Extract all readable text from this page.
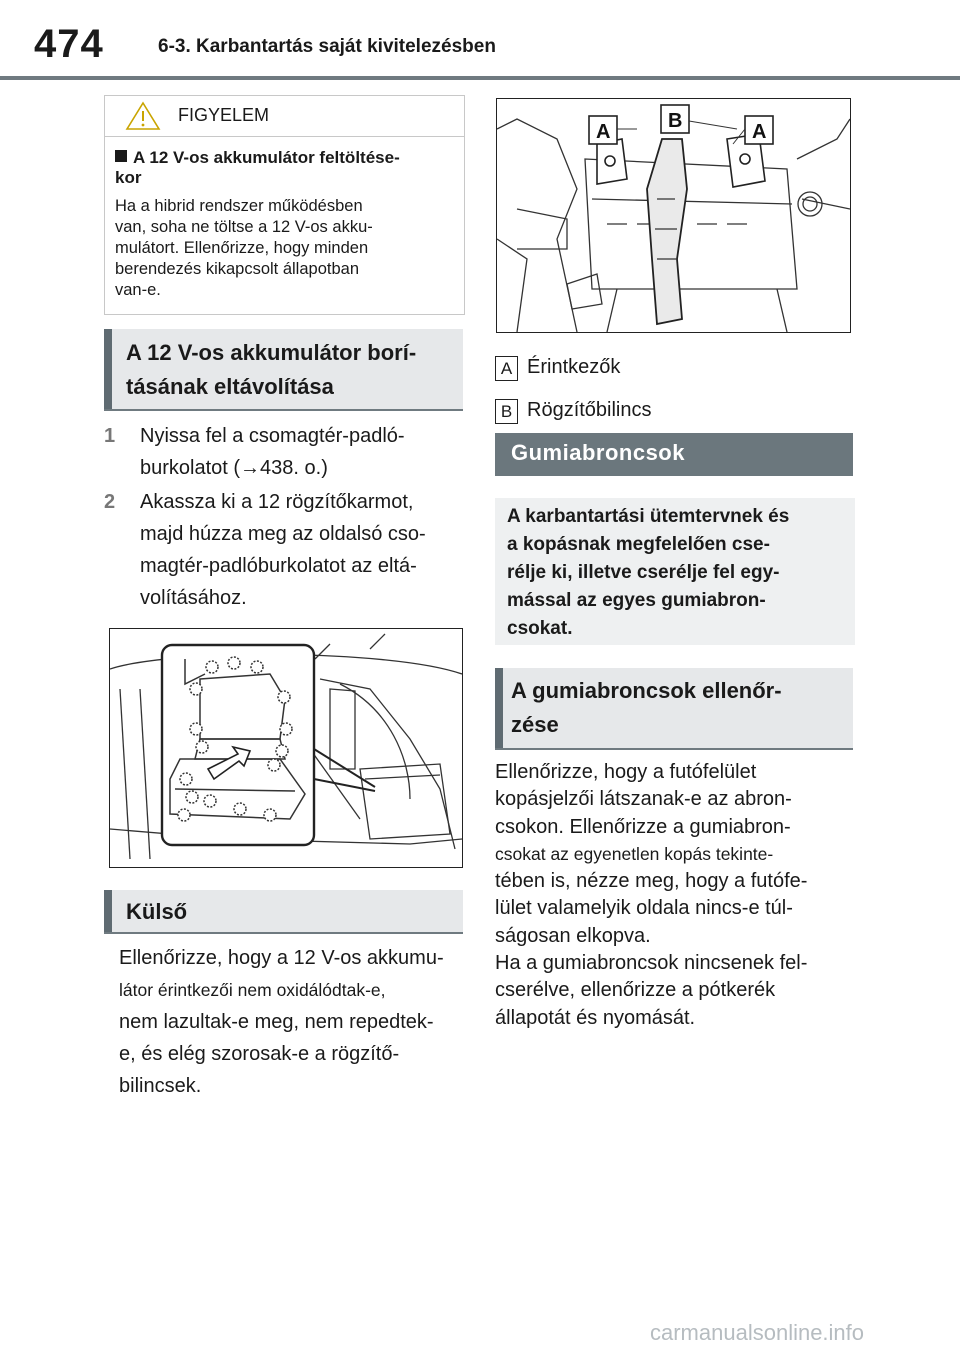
474	6-3. Karbantartás saját kivitelezésben
FIGYELEM
A 12 V-os akkumulátor feltöltése-
kor
Ha a hibrid rendszer működésben
van, soha ne töltse a 12 V-os akku-
mulátort. Ellenőrizze, hogy minden
berendezés kikapcsolt állapotban
van-e.
A 12 V-os akkumulátor borí-
tásának eltávolítása
1 Nyissa fel a csomagtér-padló-
burkolatot (→438. o.)
2 Akassza ki a 12 rögzítőkarmot,
majd húzza meg az oldalsó cso-
magtér-padlóburkolatot az eltá-
volításához.
Külső
Ellenőrizze, hogy a 12 V-os akkumu-
látor érintkezői nem oxidálódtak-e,
nem lazultak-e meg, nem repedtek-
e, és elég szorosak-e a rögzítő-
bilincsek.
A	B	A
A Érintkezők
B Rögzítőbilincs
Gumiabroncsok
A karbantartási ütemtervnek és
a kopásnak megfelelően cse-
rélje ki, illetve cserélje fel egy-
mással az egyes gumiabron-
csokat.
A gumiabroncsok ellenőr-
zése
Ellenőrizze, hogy a futófelület
kopásjelzői látszanak-e az abron-
csokon. Ellenőrizze a gumiabron-
csokat az egyenetlen kopás tekinte-
tében is, nézze meg, hogy a futófe-
lület valamelyik oldala nincs-e túl-
ságosan elkopva.
Ha a gumiabroncsok nincsenek fel-
cserélve, ellenőrizze a pótkerék
állapotát és nyomását.
carmanualsonline.info
